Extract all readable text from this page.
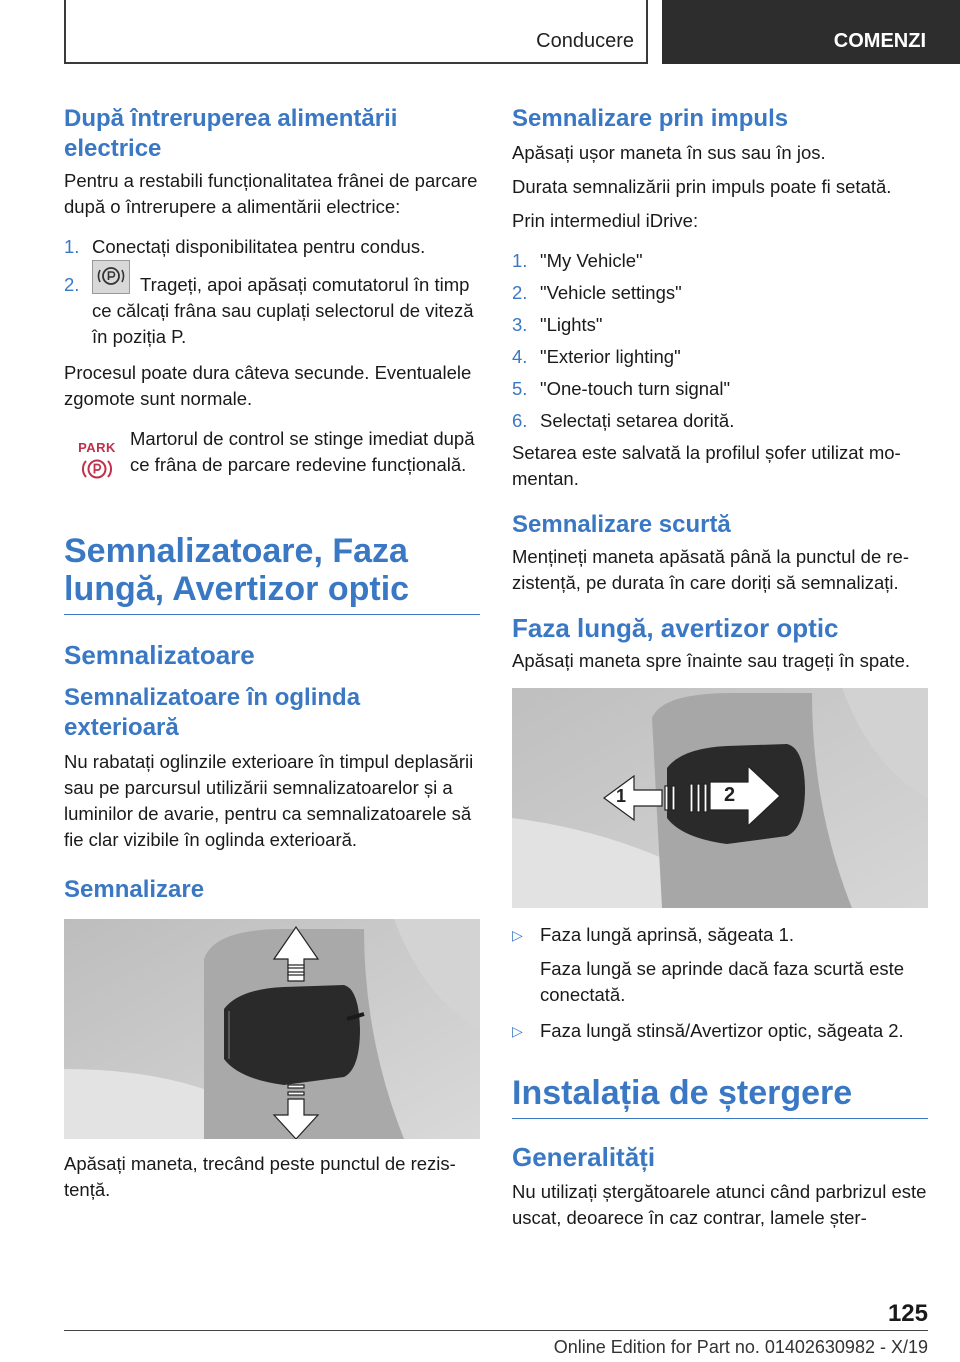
Conducere	COMENZI
După întreruperea alimentării electrice

Pentru a restabili funcționalitatea frânei de parcare după o întrerupere a alimentării electrice:

1. Conectați disponibilitatea pentru condus.
2.	Trageți, apoi apăsați comutatorul în timp ce călcați frâna sau cuplați selectorul de viteză în poziția P.

Procesul poate dura câteva secunde. Eventualele zgomote sunt normale.

PARK Martorul de control se stinge imediat după ce frâna de parcare redevine funcțională.

Semnalizatoare, Faza lungă, Avertizor optic
Semnalizatoare
Semnalizatoare în oglinda exterioară

Nu rabatați oglinzile exterioare în timpul deplasării sau pe parcursul utilizării semnalizatoarelor și a luminilor de avarie, pentru ca semnalizatoarele să fie clar vizibile în oglinda exterioară.

Semnalizare

Apăsați maneta, trecând peste punctul de rezistență.

Semnalizare prin impuls

Apăsați ușor maneta în sus sau în jos.

Durata semnalizării prin impuls poate fi setată.

Prin intermediul iDrive:

1. "My Vehicle"
2. "Vehicle settings"
3. "Lights"
4. "Exterior lighting"
5. "One-touch turn signal"
6. Selectați setarea dorită.

Setarea este salvată la profilul șofer utilizat momentan.

Semnalizare scurtă

Mențineți maneta apăsată până la punctul de rezistență, pe durata în care doriți să semnalizați.

Faza lungă, avertizor optic

Apăsați maneta spre înainte sau trageți în spate.

1	2
▷ Faza lungă aprinsă, săgeata 1.
Faza lungă se aprinde dacă faza scurtă este conectată.
▷ Faza lungă stinsă/Avertizor optic, săgeata 2.
Instalația de ștergere
Generalități

Nu utilizați ștergătoarele atunci când parbrizul este uscat, deoarece în caz contrar, lamele șter-

125
Online Edition for Part no. 01402630982 - X/19
